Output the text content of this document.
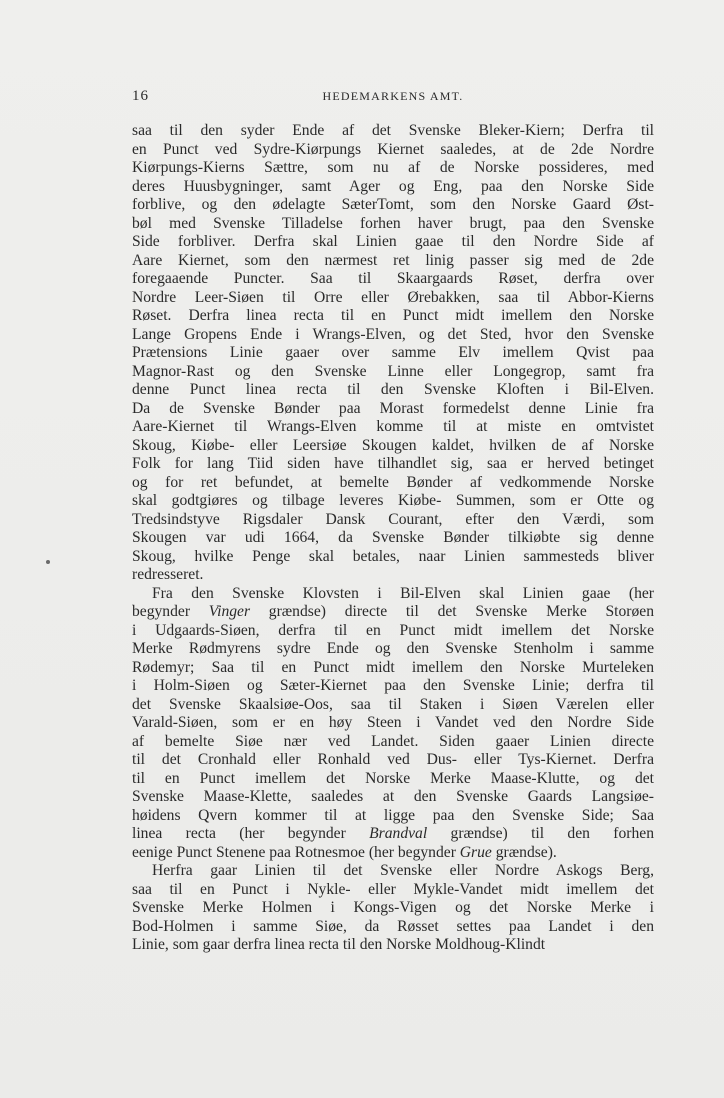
16	HEDEMARKENS AMT.
saa til den syder Ende af det Svenske Bleker-Kiern; Derfra til
en Punct ved Sydre-Kiørpungs Kiernet saaledes, at de 2de Nordre
Kiørpungs-Kierns Sættre, som nu af de Norske possideres, med
deres Huusbygninger, samt Ager og Eng, paa den Norske Side
forblive, og den ødelagte SæterTomt, som den Norske Gaard Øst-
bøl med Svenske Tilladelse forhen haver brugt, paa den Svenske
Side forbliver. Derfra skal Linien gaae til den Nordre Side af
Aare Kiernet, som den nærmest ret linig passer sig med de 2de
foregaaende Puncter. Saa til Skaargaards Røset, derfra over
Nordre Leer-Siøen til Orre eller Ørebakken, saa til Abbor-Kierns
Røset. Derfra linea recta til en Punct midt imellem den Norske
Lange Gropens Ende i Wrangs-Elven, og det Sted, hvor den Svenske
Prætensions Linie gaaer over samme Elv imellem Qvist paa
Magnor-Rast og den Svenske Linne eller Longegrop, samt fra
denne Punct linea recta til den Svenske Kloften i Bil-Elven.
Da de Svenske Bønder paa Morast formedelst denne Linie fra
Aare-Kiernet til Wrangs-Elven komme til at miste en omtvistet
Skoug, Kiøbe- eller Leersiøe Skougen kaldet, hvilken de af Norske
Folk for lang Tiid siden have tilhandlet sig, saa er herved betinget
og for ret befundet, at bemelte Bønder af vedkommende Norske
skal godtgiøres og tilbage leveres Kiøbe- Summen, som er Otte og
Tredsindstyve Rigsdaler Dansk Courant, efter den Værdi, som
Skougen var udi 1664, da Svenske Bønder tilkiøbte sig denne
Skoug, hvilke Penge skal betales, naar Linien sammesteds bliver
redresseret.
Fra den Svenske Klovsten i Bil-Elven skal Linien gaae (her
begynder Vinger grændse) directe til det Svenske Merke Storøen
i Udgaards-Siøen, derfra til en Punct midt imellem det Norske
Merke Rødmyrens sydre Ende og den Svenske Stenholm i samme
Rødemyr; Saa til en Punct midt imellem den Norske Murteleken
i Holm-Siøen og Sæter-Kiernet paa den Svenske Linie; derfra til
det Svenske Skaalsiøe-Oos, saa til Staken i Siøen Værelen eller
Varald-Siøen, som er en høy Steen i Vandet ved den Nordre Side
af bemelte Siøe nær ved Landet. Siden gaaer Linien directe
til det Cronhald eller Ronhald ved Dus- eller Tys-Kiernet. Derfra
til en Punct imellem det Norske Merke Maase-Klutte, og det
Svenske Maase-Klette, saaledes at den Svenske Gaards Langsiøe-
høidens Qvern kommer til at ligge paa den Svenske Side; Saa
linea recta (her begynder Brandval grændse) til den forhen
eenige Punct Stenene paa Rotnesmoe (her begynder Grue grændse).
Herfra gaar Linien til det Svenske eller Nordre Askogs Berg,
saa til en Punct i Nykle- eller Mykle-Vandet midt imellem det
Svenske Merke Holmen i Kongs-Vigen og det Norske Merke i
Bod-Holmen i samme Siøe, da Røsset settes paa Landet i den
Linie, som gaar derfra linea recta til den Norske Moldhoug-Klindt
